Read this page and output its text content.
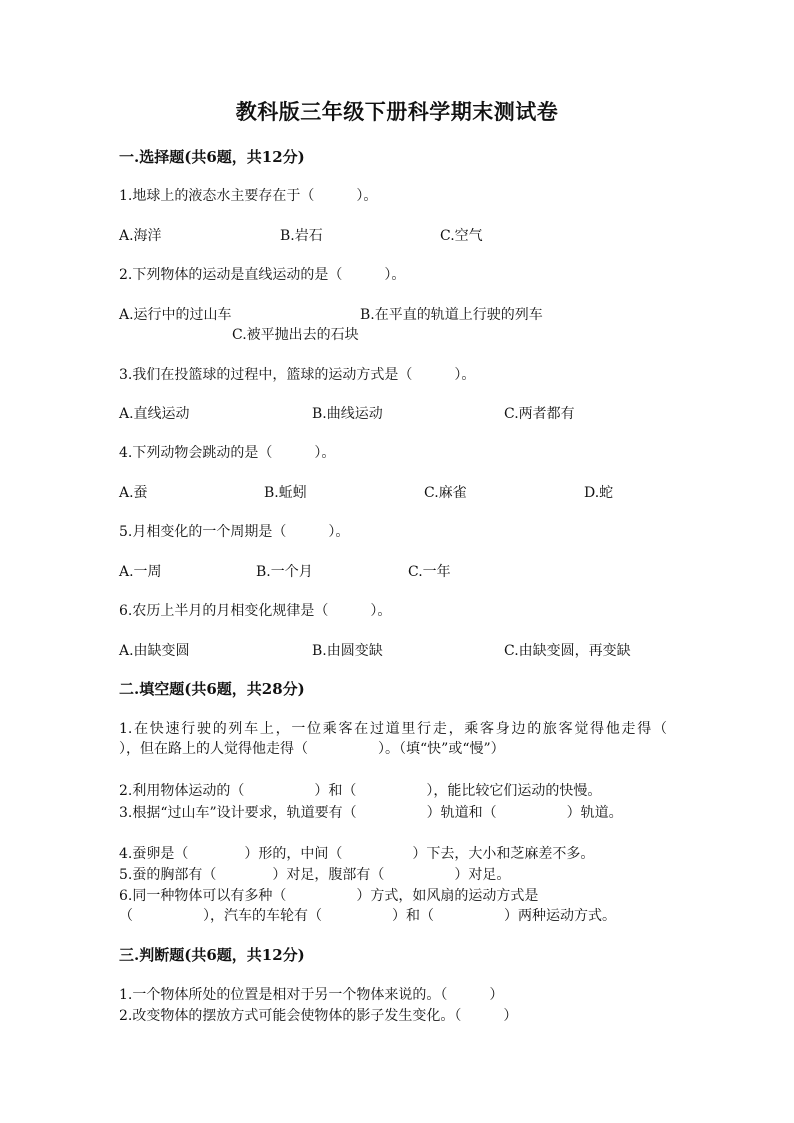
教科版三年级下册科学期末测试卷
一.选择题(共6题，共12分)
1.地球上的液态水主要存在于（　　　）。
A.海洋	B.岩石	C.空气
2.下列物体的运动是直线运动的是（　　　）。
A.运行中的过山车	B.在平直的轨道上行驶的列车
C.被平抛出去的石块
3.我们在投篮球的过程中，篮球的运动方式是（　　　）。
A.直线运动	B.曲线运动	C.两者都有
4.下列动物会跳动的是（　　　）。
A.蚕	B.蚯蚓	C.麻雀	D.蛇
5.月相变化的一个周期是（　　　）。
A.一周	B.一个月	C.一年
6.农历上半月的月相变化规律是（　　　）。
A.由缺变圆	B.由圆变缺	C.由缺变圆，再变缺
二.填空题(共6题，共28分)
1.在快速行驶的列车上，一位乘客在过道里行走，乘客身边的旅客觉得他走得（　　　　　），但在路上的人觉得他走得（　　　　　）。（填“快”或“慢”）
2.利用物体运动的（　　　　　）和（　　　　　），能比较它们运动的快慢。
3.根据“过山车”设计要求，轨道要有（　　　　　）轨道和（　　　　　）轨道。
4.蚕卵是（　　　　）形的，中间（　　　　　）下去，大小和芝麻差不多。
5.蚕的胸部有（　　　　）对足，腹部有（　　　　　）对足。
6.同一种物体可以有多种（　　　　　）方式，如风扇的运动方式是
（　　　　　），汽车的车轮有（　　　　　）和（　　　　　）两种运动方式。
三.判断题(共6题，共12分)
1.一个物体所处的位置是相对于另一个物体来说的。（　　　）
2.改变物体的摆放方式可能会使物体的影子发生变化。（　　　）
